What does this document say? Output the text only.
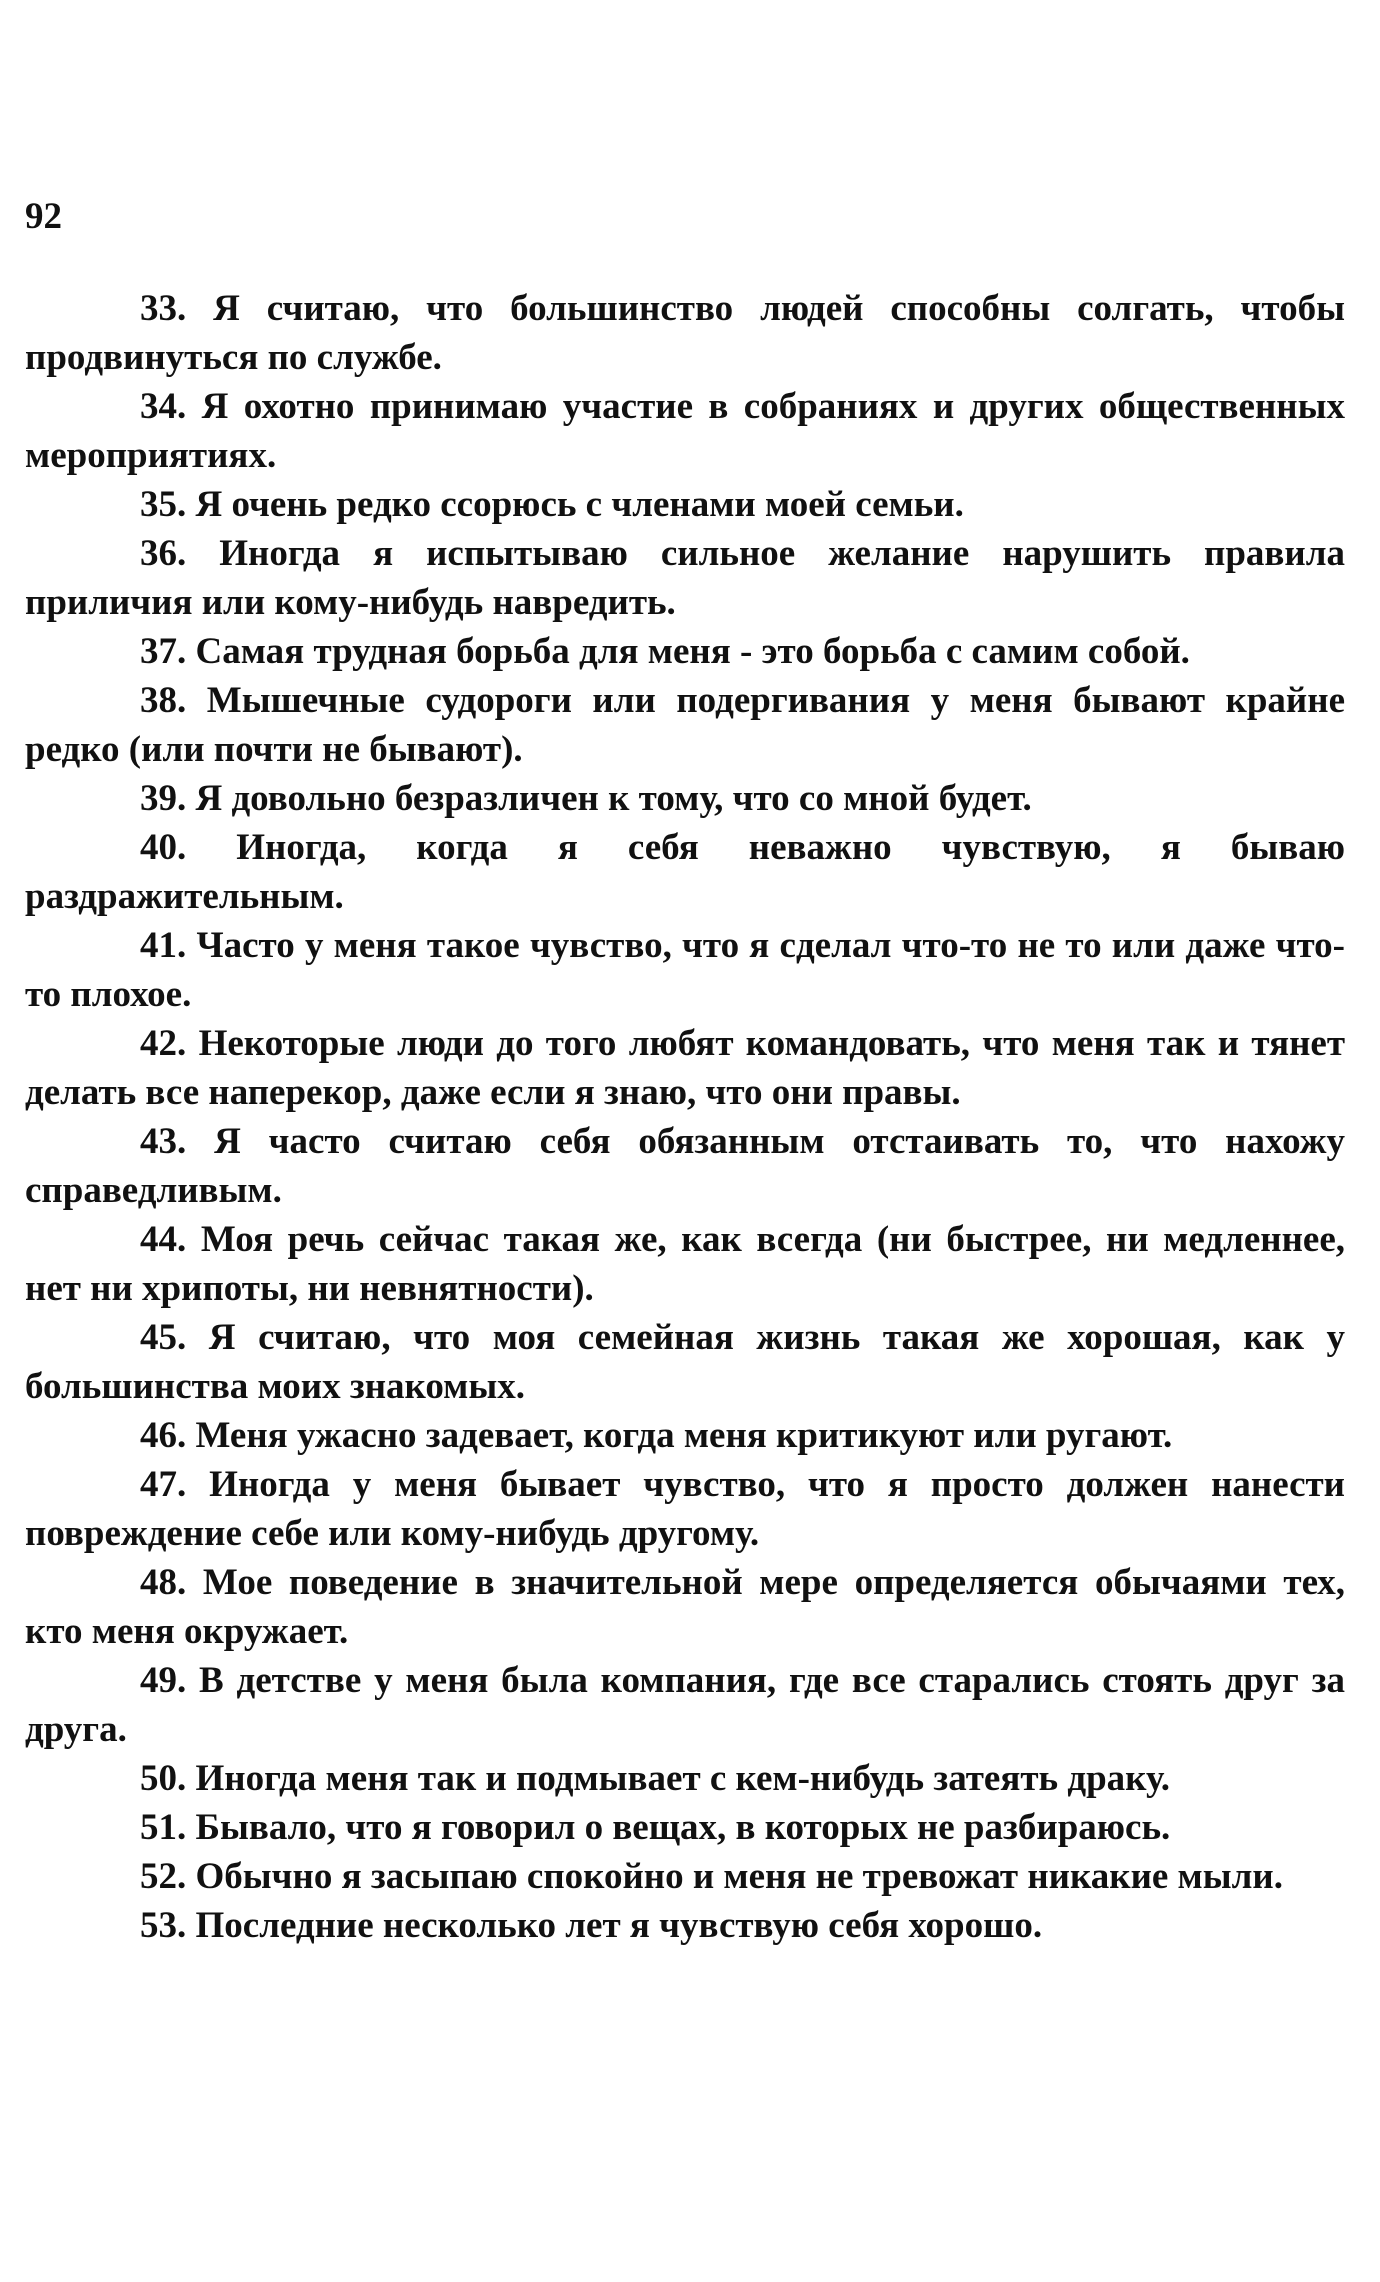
92

33. Я считаю, что большинство людей способны солгать, чтобы продвинуться по службе.

34. Я охотно принимаю участие в собраниях и других общественных мероприятиях.

35. Я очень редко ссорюсь с членами моей семьи.

36. Иногда я испытываю сильное желание нарушить правила приличия или кому-нибудь навредить.

37. Самая трудная борьба для меня - это борьба с самим собой.

38. Мышечные судороги или подергивания у меня бывают крайне редко (или почти не бывают).

39. Я довольно безразличен к тому, что со мной будет.

40. Иногда, когда я себя неважно чувствую, я бываю раздражительным.

41. Часто у меня такое чувство, что я сделал что-то не то или даже что-то плохое.

42. Некоторые люди до того любят командовать, что меня так и тянет делать все наперекор, даже если я знаю, что они правы.

43. Я часто считаю себя обязанным отстаивать то, что нахожу справедливым.

44. Моя речь сейчас такая же, как всегда (ни быстрее, ни медленнее, нет ни хрипоты, ни невнятности).

45. Я считаю, что моя семейная жизнь такая же хорошая, как у большинства моих знакомых.

46. Меня ужасно задевает, когда меня критикуют или ругают.

47. Иногда у меня бывает чувство, что я просто должен нанести повреждение себе или кому-нибудь другому.

48. Мое поведение в значительной мере определяется обычаями тех, кто меня окружает.

49. В детстве у меня была компания, где все старались стоять друг за друга.

50. Иногда меня так и подмывает с кем-нибудь затеять драку.

51. Бывало, что я говорил о вещах, в которых не разбираюсь.

52. Обычно я засыпаю спокойно и меня не тревожат никакие мыли.

53. Последние несколько лет я чувствую себя хорошо.
